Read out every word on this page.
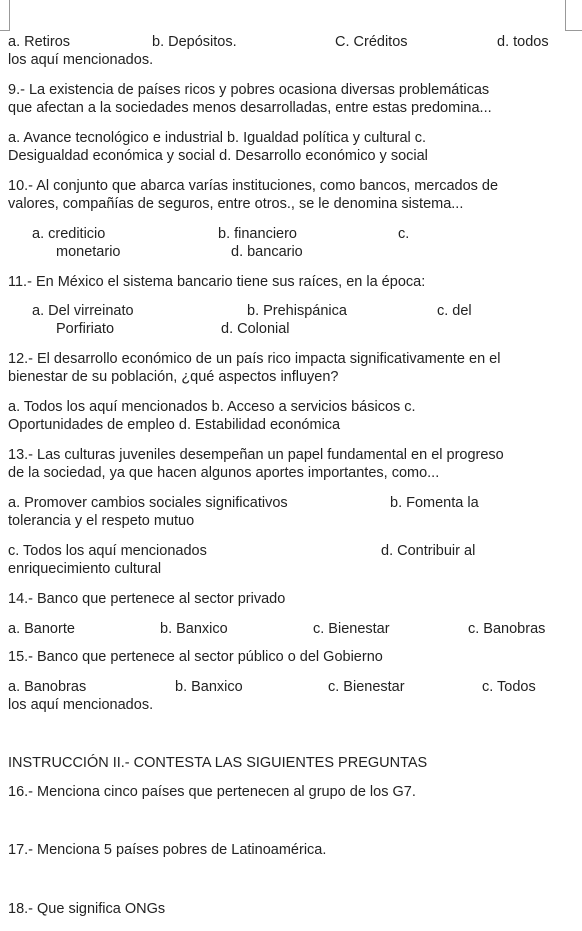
a. Retiros	b. Depósitos.	C. Créditos	d. todos
los aquí mencionados.
9.- La existencia de países ricos y pobres ocasiona diversas problemáticas
que afectan a la sociedades menos desarrolladas, entre estas predomina...
a. Avance tecnológico e industrial b. Igualdad política y cultural c.
Desigualdad económica y social d. Desarrollo económico y social
10.- Al conjunto que abarca varías instituciones, como bancos, mercados de
valores, compañías de seguros, entre otros., se le denomina sistema...
a. crediticio	b. financiero	c.
monetario	d. bancario
11.- En México el sistema bancario tiene sus raíces, en la época:
a. Del virreinato	b. Prehispánica	c. del
Porfiriato	d. Colonial
12.- El desarrollo económico de un país rico impacta significativamente en el
bienestar de su población, ¿qué aspectos influyen?
a. Todos los aquí mencionados b. Acceso a servicios básicos c.
Oportunidades de empleo d. Estabilidad económica
13.- Las culturas juveniles desempeñan un papel fundamental en el progreso
de la sociedad, ya que hacen algunos aportes importantes, como...
a. Promover cambios sociales significativos	b. Fomenta la
tolerancia y el respeto mutuo
c. Todos los aquí mencionados	d. Contribuir al
enriquecimiento cultural
14.- Banco que pertenece al sector privado
a. Banorte	b. Banxico	c. Bienestar	c. Banobras
15.- Banco que pertenece al sector público o del Gobierno
a. Banobras	b. Banxico	c. Bienestar	c. Todos
los aquí mencionados.
INSTRUCCIÓN II.- CONTESTA LAS SIGUIENTES PREGUNTAS
16.- Menciona cinco países que pertenecen al grupo de los G7.
17.- Menciona 5 países pobres de Latinoamérica.
18.- Que significa ONGs
